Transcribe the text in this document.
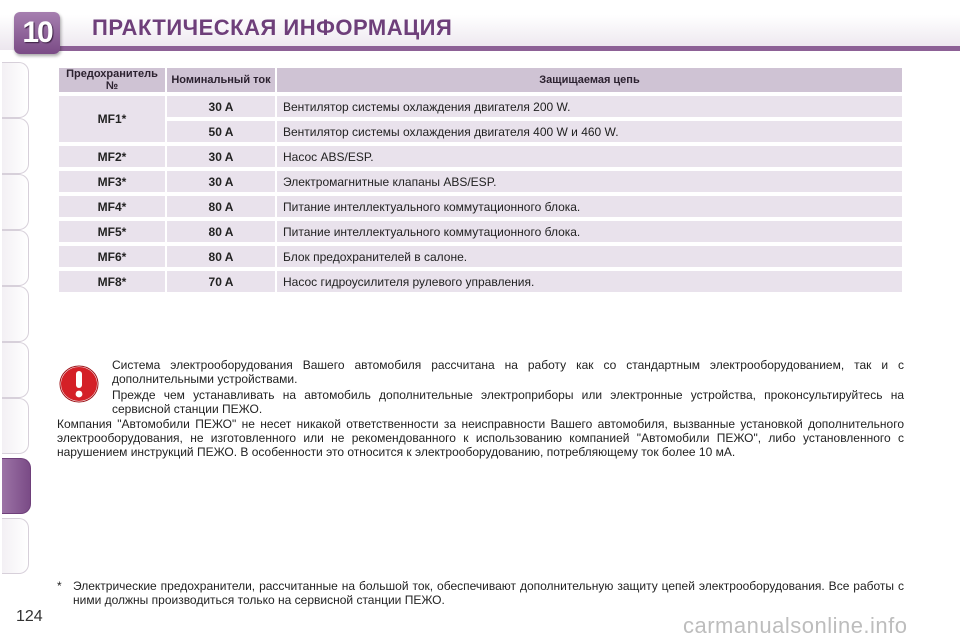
10	ПРАКТИЧЕСКАЯ ИНФОРМАЦИЯ
Предохранитель №	Номинальный ток	Защищаемая цепь
MF1*	30 A	Вентилятор системы охлаждения двигателя 200 W.
	50 A	Вентилятор системы охлаждения двигателя 400 W и 460 W.
MF2*	30 A	Насос ABS/ESP.
MF3*	30 A	Электромагнитные клапаны ABS/ESP.
MF4*	80 A	Питание интеллектуального коммутационного блока.
MF5*	80 A	Питание интеллектуального коммутационного блока.
MF6*	80 A	Блок предохранителей в салоне.
MF8*	70 A	Насос гидроусилителя рулевого управления.

Система электрооборудования Вашего автомобиля рассчитана на работу как со стандартным электрооборудованием, так и с дополнительными устройствами.

Прежде чем устанавливать на автомобиль дополнительные электроприборы или электронные устройства, проконсультируйтесь на сервисной станции ПЕЖО.

Компания "Автомобили ПЕЖО" не несет никакой ответственности за неисправности Вашего автомобиля, вызванные установкой дополнительного электрооборудования, не изготовленного или не рекомендованного к использованию компанией "Автомобили ПЕЖО", либо установленного с нарушением инструкций ПЕЖО. В особенности это относится к электрооборудованию, потребляющему ток более 10 мА.

* Электрические предохранители, рассчитанные на большой ток, обеспечивают дополнительную защиту цепей электрооборудования. Все работы с ними должны производиться только на сервисной станции ПЕЖО.
124	carmanualsonline.info
